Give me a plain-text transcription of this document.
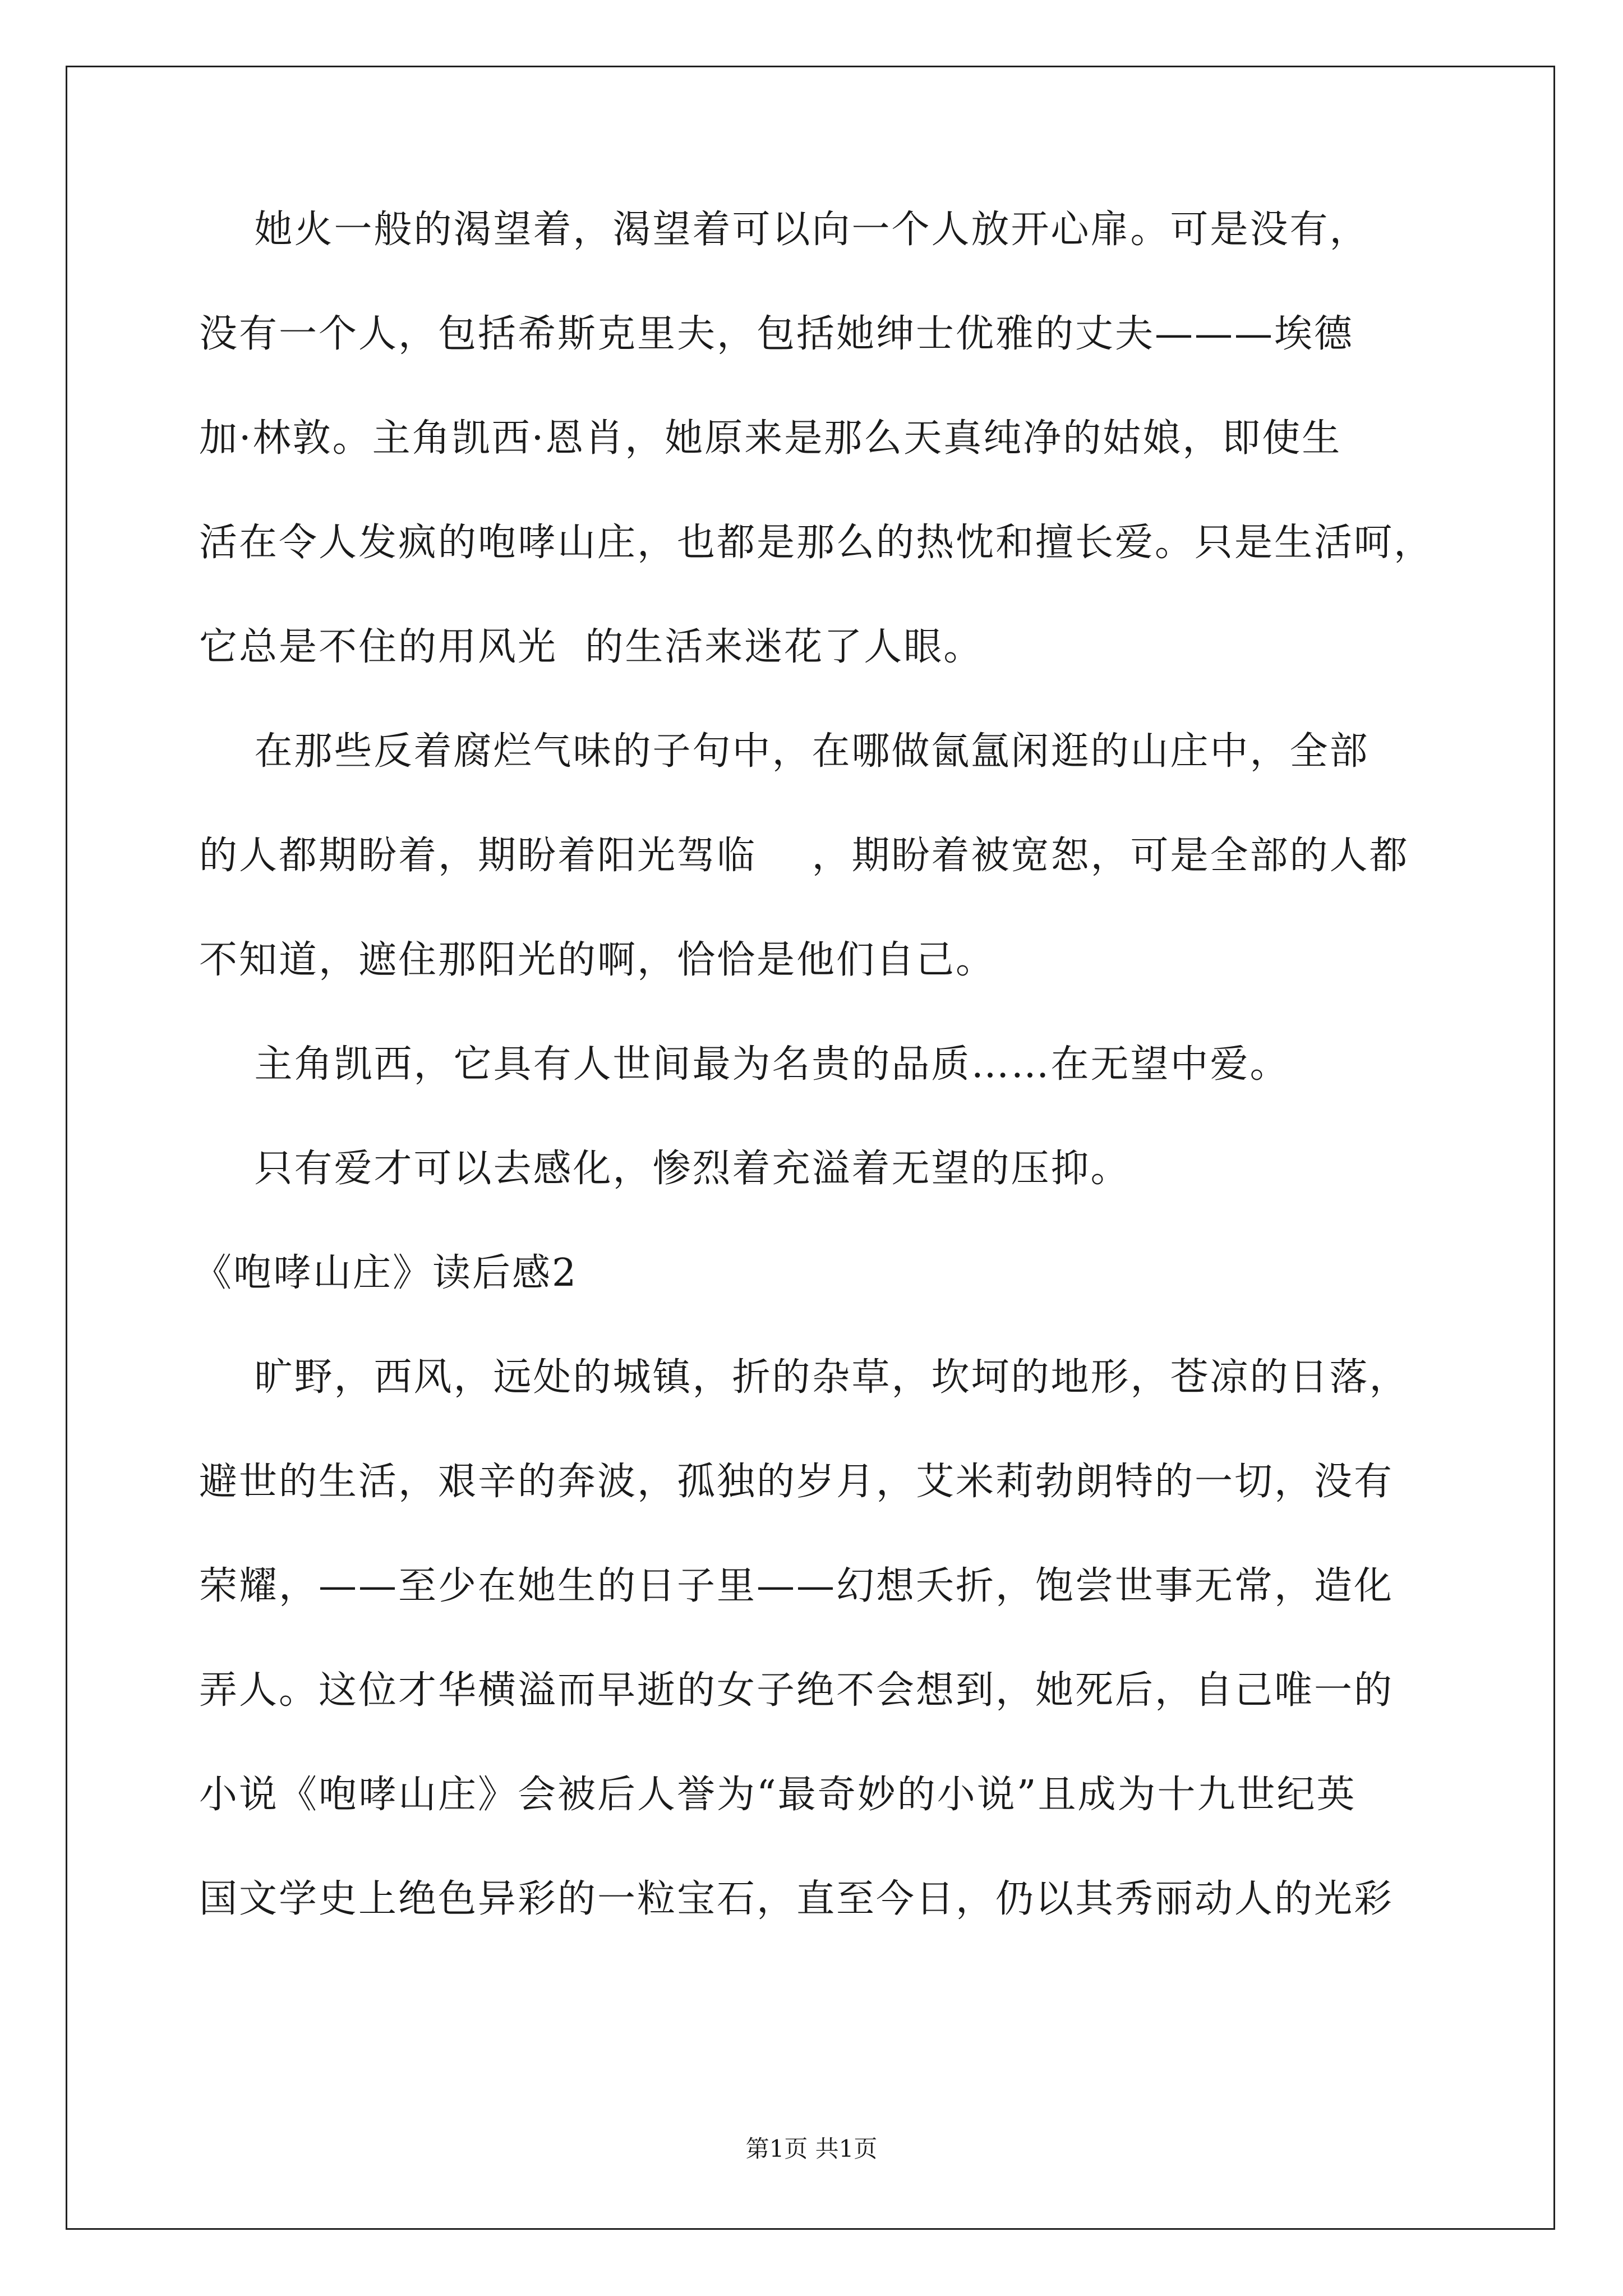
她火一般的渴望着，渴望着可以向一个人放开心扉。可是没有，
没有一个人，包括希斯克里夫，包括她绅士优雅的丈夫———埃德
加·林敦。主角凯西·恩肖，她原来是那么天真纯净的姑娘，即使生
活在令人发疯的咆哮山庄，也都是那么的热忱和擅长爱。只是生活呵，
它总是不住的用风光  的生活来迷花了人眼。
在那些反着腐烂气味的子句中，在哪做氤氲闲逛的山庄中，全部
的人都期盼着，期盼着阳光驾临    ，期盼着被宽恕，可是全部的人都
不知道，遮住那阳光的啊，恰恰是他们自己。
主角凯西，它具有人世间最为名贵的品质……在无望中爱。
只有爱才可以去感化，惨烈着充溢着无望的压抑。
《咆哮山庄》读后感2
旷野，西风，远处的城镇，折的杂草，坎坷的地形，苍凉的日落，
避世的生活，艰辛的奔波，孤独的岁月，艾米莉勃朗特的一切，没有
荣耀，——至少在她生的日子里——幻想夭折，饱尝世事无常，造化
弄人。这位才华横溢而早逝的女子绝不会想到，她死后，自己唯一的
小说《咆哮山庄》会被后人誉为“最奇妙的小说”且成为十九世纪英
国文学史上绝色异彩的一粒宝石，直至今日，仍以其秀丽动人的光彩
第1页 共1页
